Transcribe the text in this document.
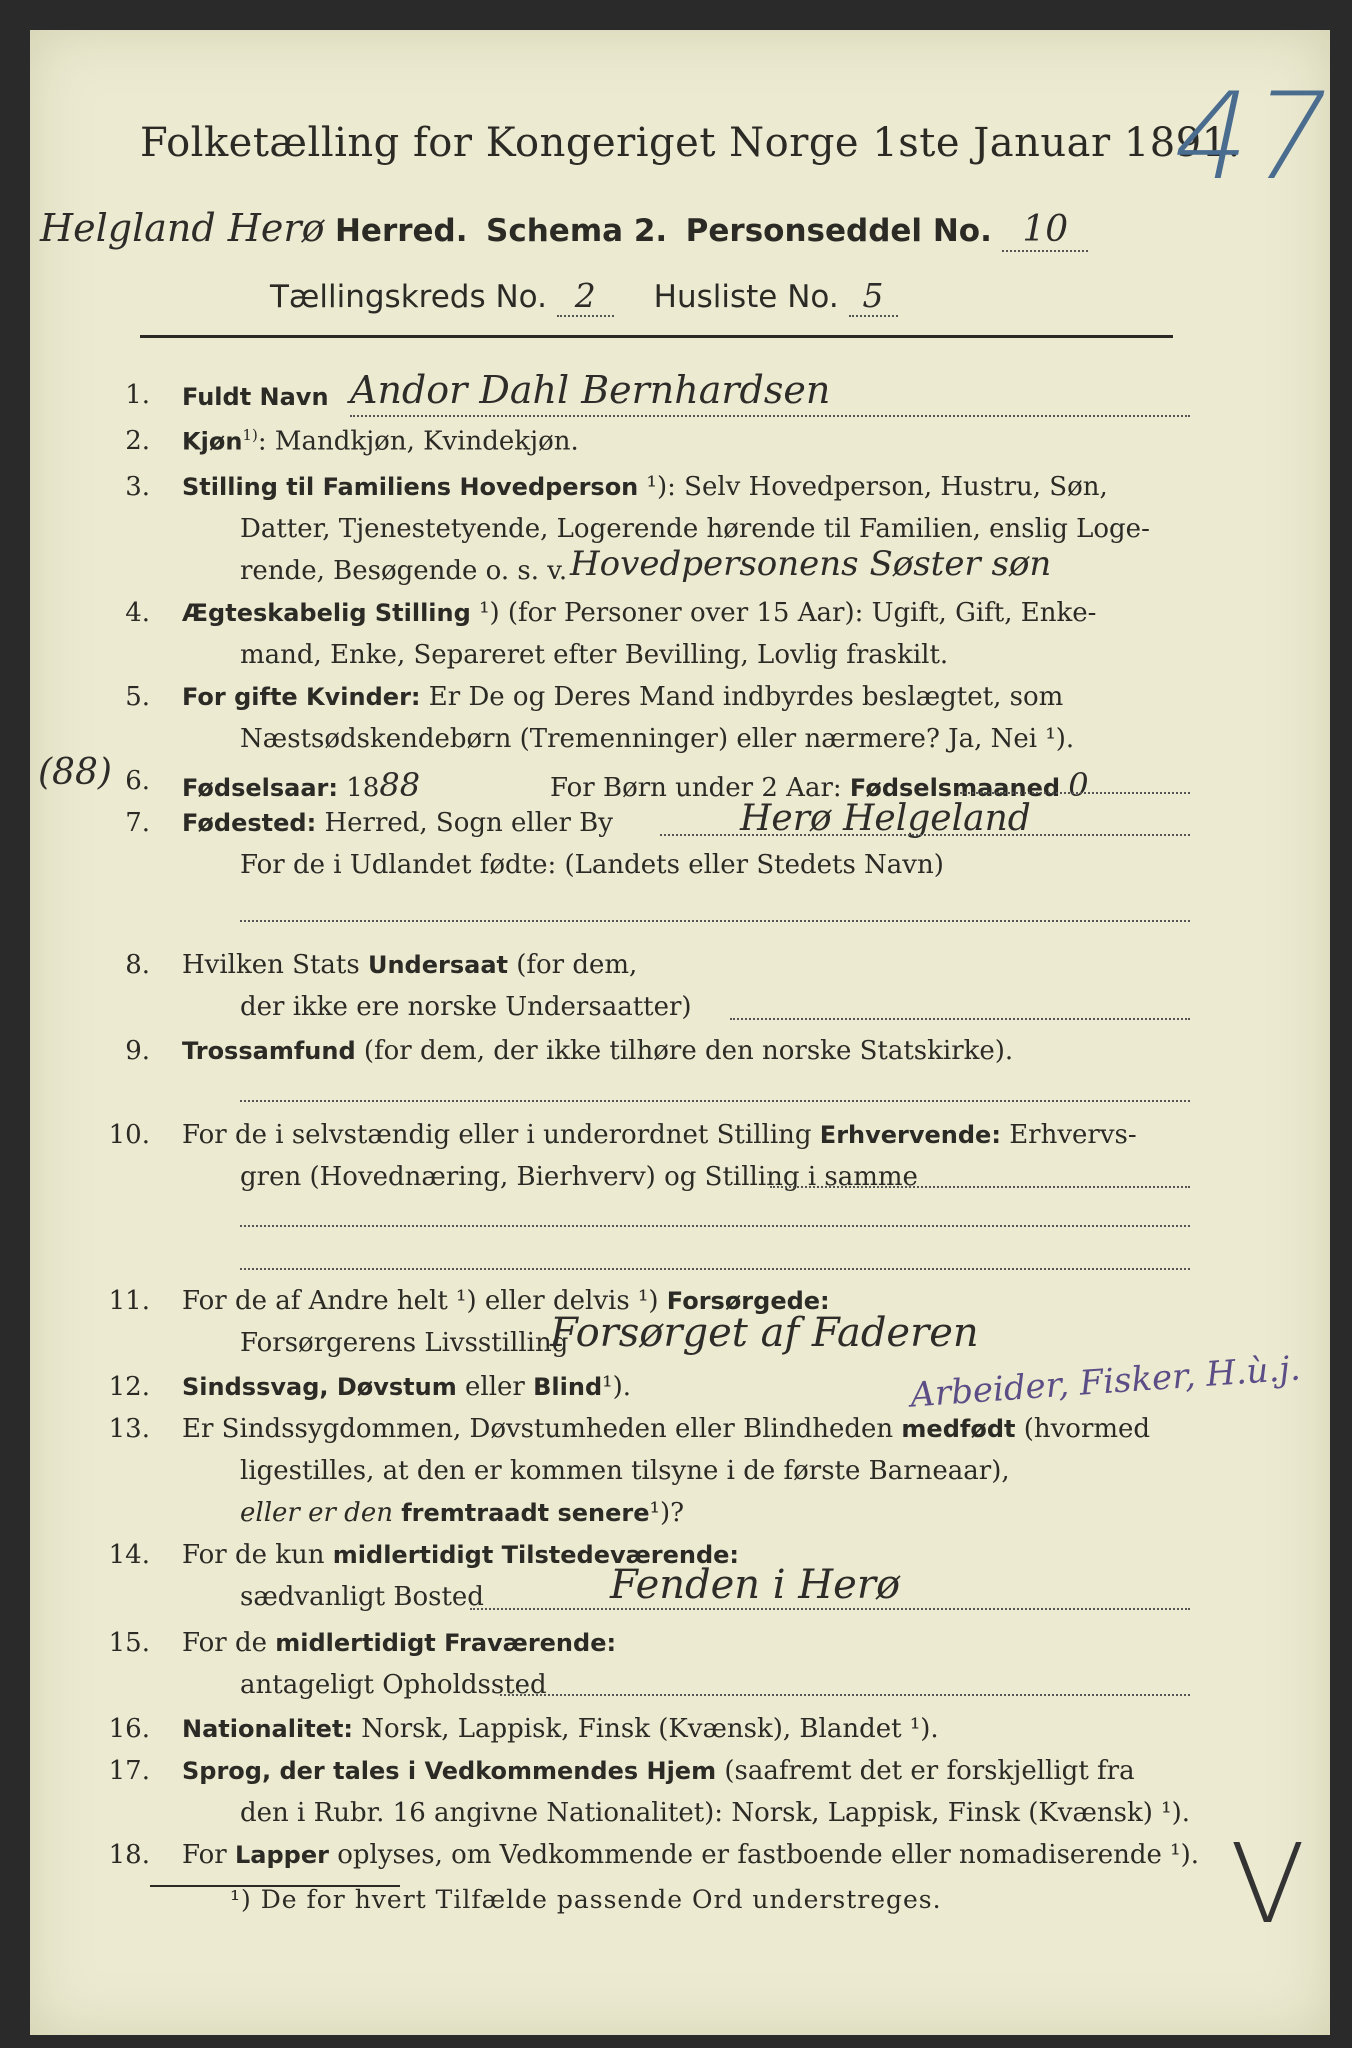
Folketælling for Kongeriget Norge 1ste Januar 1891.
47
Helgland Herø Herred. Schema 2. Personseddel No. 10
Tællingskreds No. 2 Husliste No. 5
1. Fuldt Navn Andor Dahl Bernhardsen
2. Kjøn$^{1)}$: Mandkjøn, Kvindekjøn.
3. Stilling til Familiens Hovedperson ¹): Selv Hovedperson, Hustru, Søn,
Datter, Tjenestetyende, Logerende hørende til Familien, enslig Loge-
rende, Besøgende o. s. v. Hovedpersonens Søster søn
4. Ægteskabelig Stilling ¹) (for Personer over 15 Aar): Ugift, Gift, Enke-
mand, Enke, Separeret efter Bevilling, Lovlig fraskilt.
5. For gifte Kvinder: Er De og Deres Mand indbyrdes beslægtet, som
Næstsødskendebørn (Tremenninger) eller nærmere? Ja, Nei ¹).
(88) 6. Fødselsaar: 1888	For Børn under 2 Aar: Fødselsmaaned 0
7. Fødested: Herred, Sogn eller By	Herø Helgeland
For de i Udlandet fødte: (Landets eller Stedets Navn)
8. Hvilken Stats Undersaat (for dem,
der ikke ere norske Undersaatter)
9. Trossamfund (for dem, der ikke tilhøre den norske Statskirke).
10. For de i selvstændig eller i underordnet Stilling Erhvervende: Erhvervs-
gren (Hovednæring, Bierhverv) og Stilling i samme
11. For de af Andre helt ¹) eller delvis ¹) Forsørgede:
Forsørgerens Livsstilling
Forsørget af Faderen
Arbeider, Fisker, H.ù.j.
12. Sindssvag, Døvstum eller Blind¹).
13. Er Sindssygdommen, Døvstumheden eller Blindheden medfødt (hvormed
ligestilles, at den er kommen tilsyne i de første Barneaar),
eller er den fremtraadt senere¹)?
14. For de kun midlertidigt Tilstedeværende:
sædvanligt Bosted	Fenden i Herø
15. For de midlertidigt Fraværende:
antageligt Opholdssted
16. Nationalitet: Norsk, Lappisk, Finsk (Kvænsk), Blandet ¹).
17. Sprog, der tales i Vedkommendes Hjem (saafremt det er forskjelligt fra
den i Rubr. 16 angivne Nationalitet): Norsk, Lappisk, Finsk (Kvænsk) ¹).
18. For Lapper oplyses, om Vedkommende er fastboende eller nomadiserende ¹).
¹) De for hvert Tilfælde passende Ord understreges.	V
